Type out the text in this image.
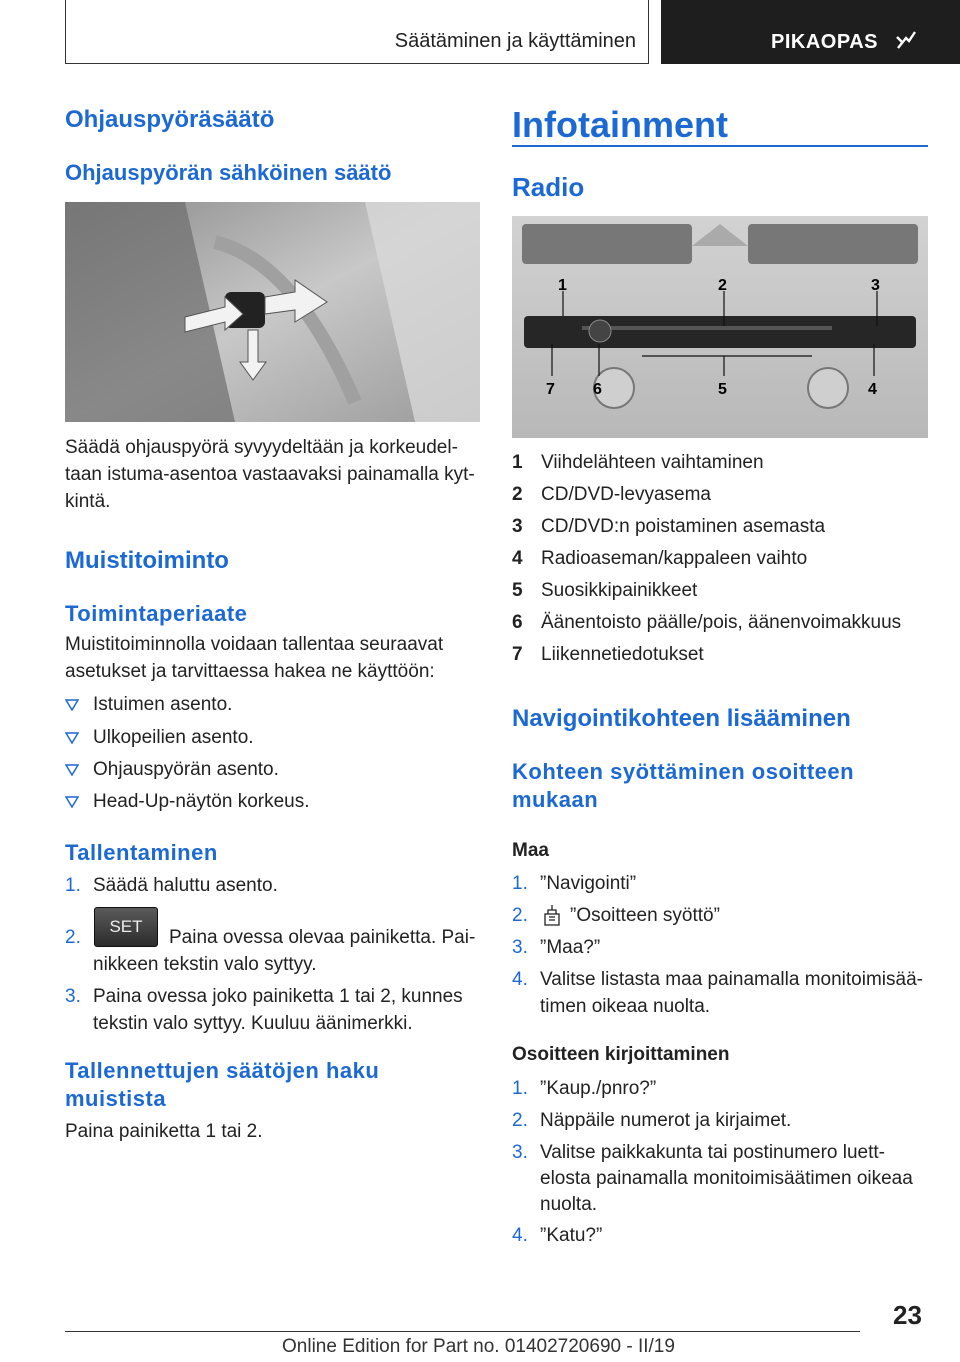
Säätäminen ja käyttäminen	PIKAOPAS
Ohjauspyöräsäätö
Ohjauspyörän sähköinen säätö
Säädä ohjauspyörä syvyydeltään ja korkeudel-
taan istuma-asentoa vastaavaksi painamalla kyt-
kintä.
Muistitoiminto
Toimintaperiaate
Muistitoiminnolla voidaan tallentaa seuraavat
asetukset ja tarvittaessa hakea ne käyttöön:
Istuimen asento.
Ulkopeilien asento.
Ohjauspyörän asento.
Head-Up-näytön korkeus.
Tallentaminen
1. Säädä haluttu asento.
SET
2.	Paina ovessa olevaa painiketta. Pai-
nikkeen tekstin valo syttyy.
3. Paina ovessa joko painiketta 1 tai 2, kunnes
tekstin valo syttyy. Kuuluu äänimerkki.
Tallennettujen säätöjen haku
muistista
Paina painiketta 1 tai 2.
Infotainment
Radio
1	2	3
4
5
6
7
1 Viihdelähteen vaihtaminen
2 CD/DVD-levyasema
3 CD/DVD:n poistaminen asemasta
4 Radioaseman/kappaleen vaihto
5 Suosikkipainikkeet
6 Äänentoisto päälle/pois, äänenvoimakkuus
7 Liikennetiedotukset
Navigointikohteen lisääminen
Kohteen syöttäminen osoitteen
mukaan
Maa
1. ”Navigointi”
2. ”Osoitteen syöttö”
3. ”Maa?”
4. Valitse listasta maa painamalla monitoimisää-
timen oikeaa nuolta.
Osoitteen kirjoittaminen
1. ”Kaup./pnro?”
2. Näppäile numerot ja kirjaimet.
3. Valitse paikkakunta tai postinumero luett-
elosta painamalla monitoimisäätimen oikeaa
nuolta.
4. ”Katu?”
23
Online Edition for Part no. 01402720690 - II/19
